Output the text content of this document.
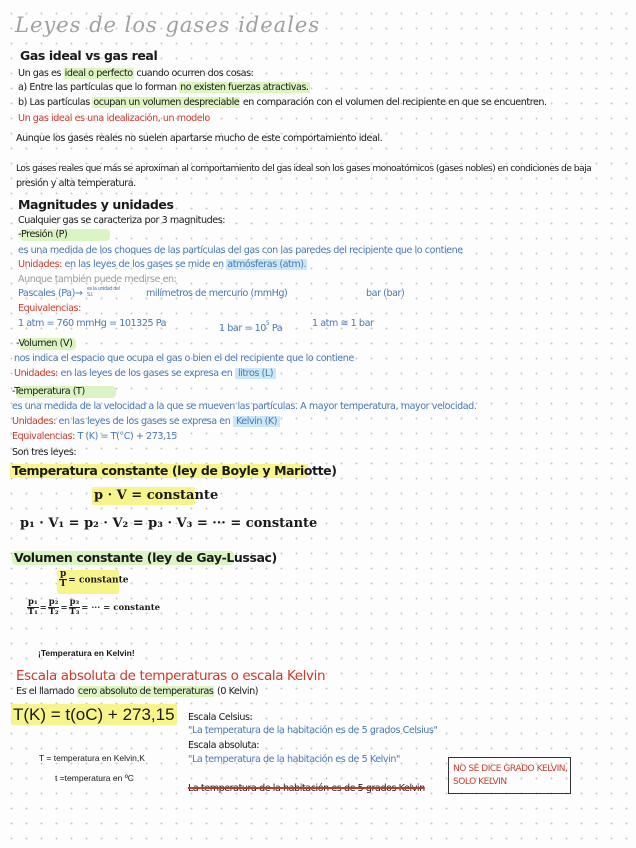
Leyes de los gases ideales
Gas ideal vs gas real
Un gas es ideal o perfecto cuando ocurren dos cosas:
a) Entre las partículas que lo forman no existen fuerzas atractivas.
b) Las partículas ocupan un volumen despreciable en comparación con el volumen del recipiente en que se encuentren.
Un gas ideal es una idealización, un modelo
Aunque los gases reales no suelen apartarse mucho de este comportamiento ideal.
Los gases reales que más se aproximan al comportamiento del gas ideal son los gases monoatómicos (gases nobles) en condiciones de baja
presión y alta temperatura.
Magnitudes y unidades
Cualquier gas se caracteriza por 3 magnitudes:
-Presión (P)
es una medida de los choques de las partículas del gas con las paredes del recipiente que lo contiene
Unidades: en las leyes de los gases se mide en atmósferas (atm).
Aunque también puede medirse en:
Pascales (Pa)→ es la unidad del S.I.	milímetros de mercurio (mmHg)	bar (bar)
Equivalencias:
1 atm = 760 mmHg = 101325 Pa	1 bar = $10^5$ Pa	1 atm ≅ 1 bar
-Volumen (V)
nos indica el espacio que ocupa el gas o bien el del recipiente que lo contiene
Unidades: en las leyes de los gases se expresa en litros (L)
-Temperatura (T)
es una medida de la velocidad a la que se mueven las partículas. A mayor temperatura, mayor velocidad.
Unidades: en las leyes de los gases se expresa en Kelvin (K)
Equivalencias: T (K) = T(°C) + 273,15
Son tres leyes:
Temperatura constante (ley de Boyle y Mariotte)
p · V = constante
p₁ · V₁ = p₂ · V₂ = p₃ · V₃ = ··· = constante
Volumen constante (ley de Gay-Lussac)
$\frac{p}{T}$ = constante
$\frac{\text{p₁}}{\text{T₁}} = \frac{\text{p₂}}{\text{T₂}} = \frac{\text{p₃}}{\text{T₃}}$ = ··· = constante
¡Temperatura en Kelvin!
Escala absoluta de temperaturas o escala Kelvin
Es el llamado cero absoluto de temperaturas (0 Kelvin)
T(K) = t(oC) + 273,15
T = temperatura en Kelvin,K
t =temperatura en ºC
Escala Celsius:
"La temperatura de la habitación es de 5 grados Celsius"
Escala absoluta:
"La temperatura de la habitación es de 5 Kelvin"
La temperatura de la habitación es de 5 grados Kelvin
NO SE DICE GRADO KELVIN,
SOLO KELVIN
